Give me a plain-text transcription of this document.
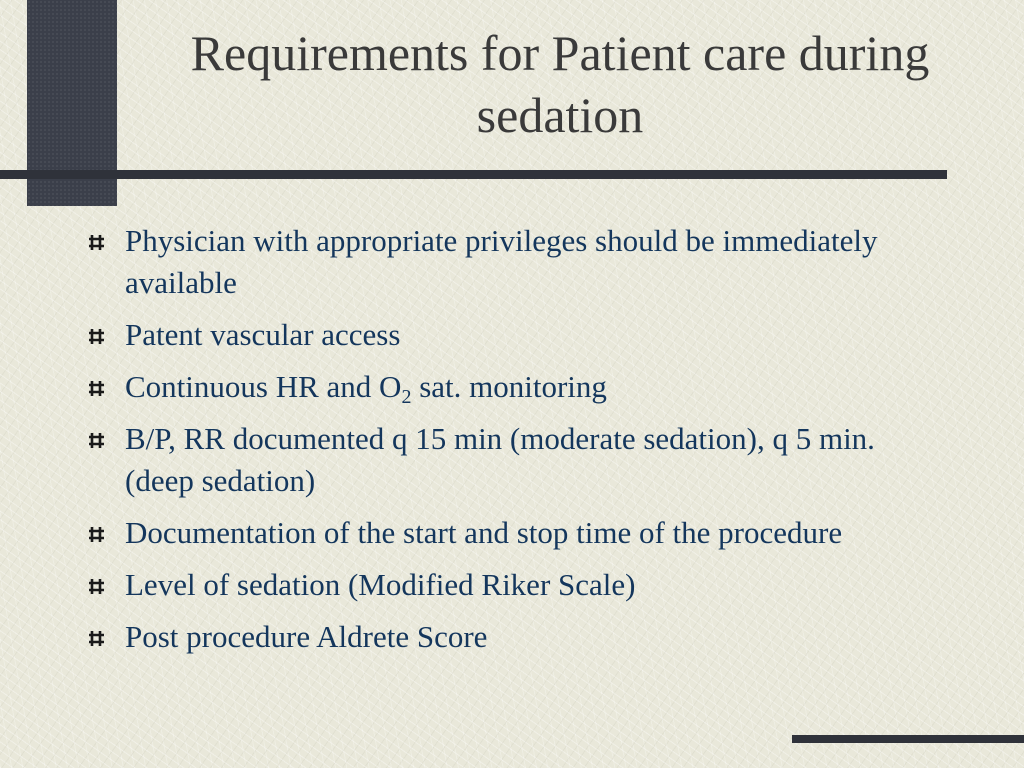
Requirements for Patient care during sedation
Physician with appropriate privileges should be immediately available
Patent vascular access
Continuous HR and $O_2$ sat. monitoring
B/P, RR documented q 15 min (moderate sedation), q 5 min. (deep sedation)
Documentation of the start and stop time of the procedure
Level of sedation (Modified Riker Scale)
Post procedure Aldrete Score
